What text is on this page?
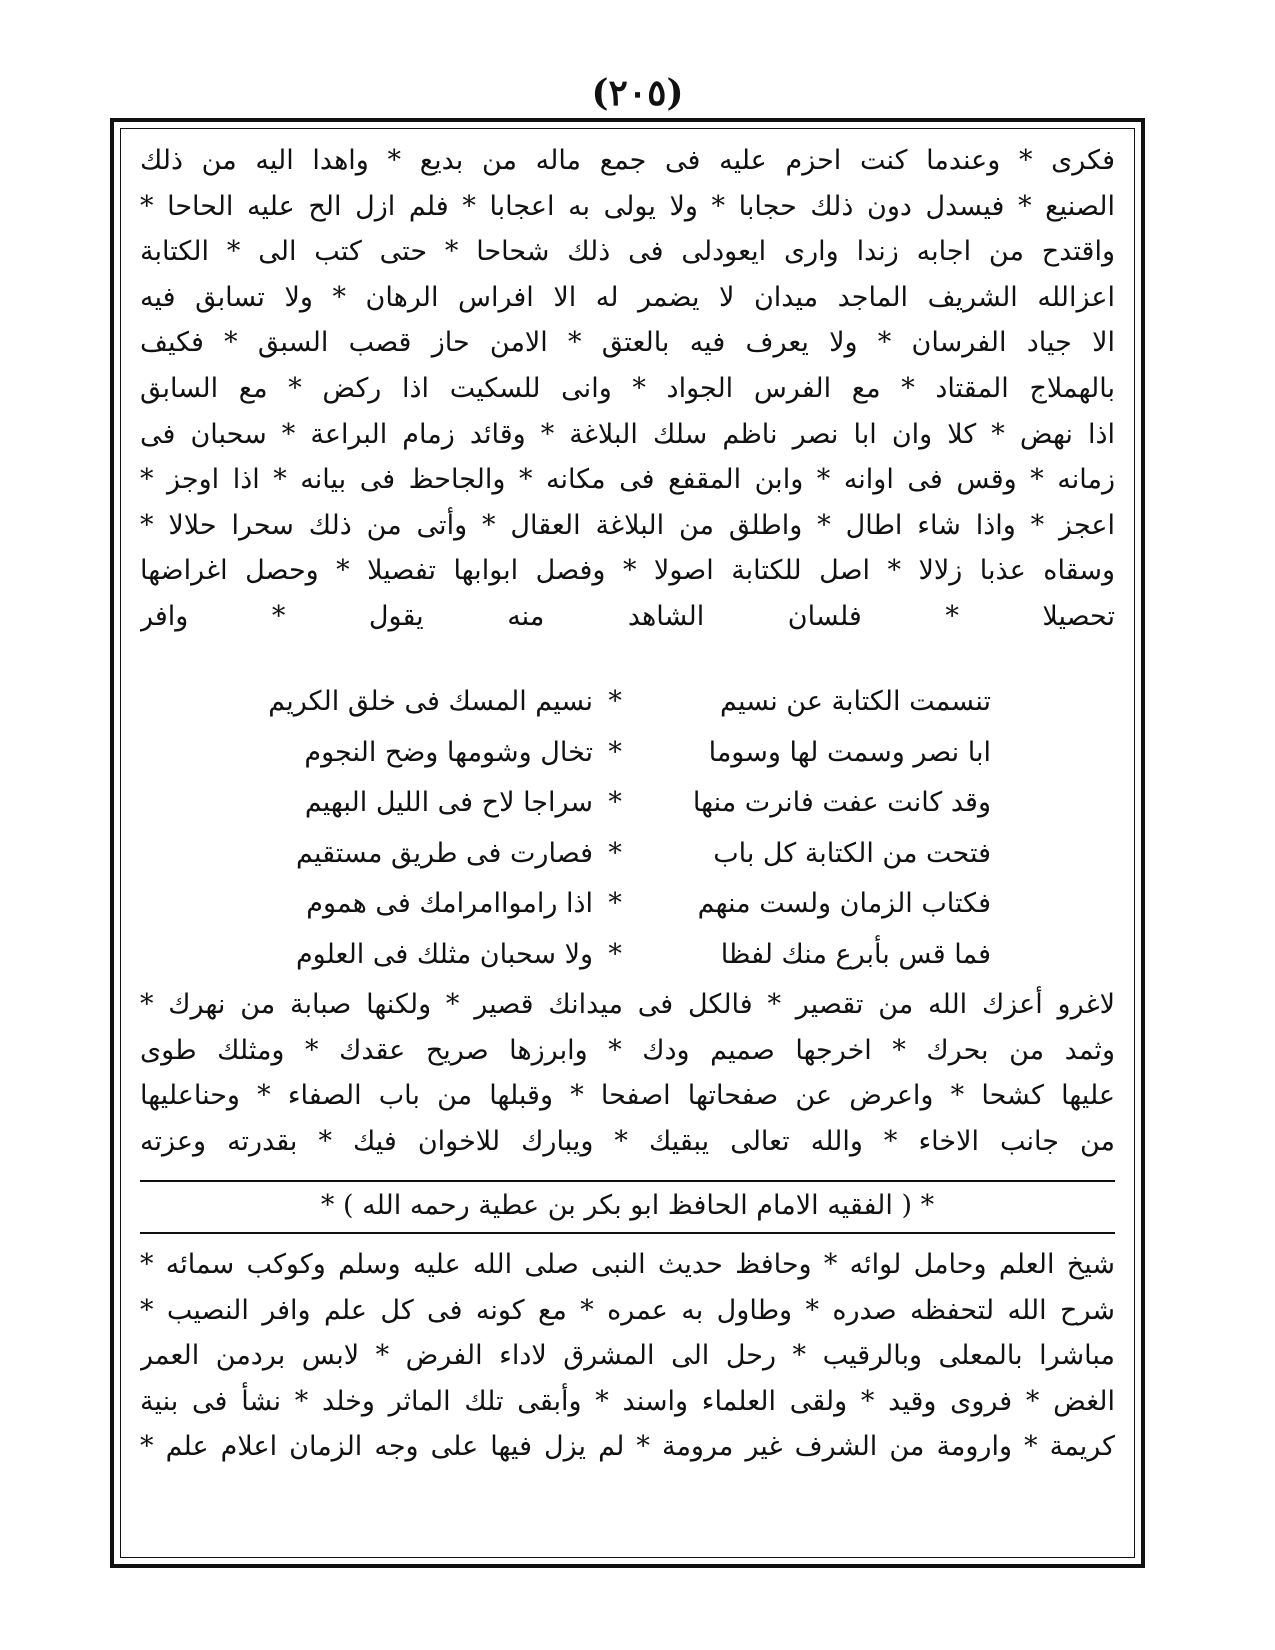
(٢٠٥)
فكرى * وعندما كنت احزم عليه فى جمع ماله من بديع * واهدا اليه من ذلك
الصنيع * فيسدل دون ذلك حجابا * ولا يولى به اعجابا * فلم ازل الح عليه الحاحا *
واقتدح من اجابه زندا وارى ايعودلى فى ذلك شحاحا * حتى كتب الى * الكتابة
اعزالله الشريف الماجد ميدان لا يضمر له الا افراس الرهان * ولا تسابق فيه
الا جياد الفرسان * ولا يعرف فيه بالعتق * الامن حاز قصب السبق * فكيف
بالهملاج المقتاد * مع الفرس الجواد * وانى للسكيت اذا ركض * مع السابق
اذا نهض * كلا وان ابا نصر ناظم سلك البلاغة * وقائد زمام البراعة * سحبان فى
زمانه * وقس فى اوانه * وابن المقفع فى مكانه * والجاحظ فى بيانه * اذا اوجز *
اعجز * واذا شاء اطال * واطلق من البلاغة العقال * وأتى من ذلك سحرا حلالا *
وسقاه عذبا زلالا * اصل للكتابة اصولا * وفصل ابوابها تفصيلا * وحصل اغراضها
تحصيلا * فلسان الشاهد منه يقول * وافر
تنسمت الكتابة عن نسيم
*
نسيم المسك فى خلق الكريم
ابا نصر وسمت لها وسوما
*
تخال وشومها وضح النجوم
وقد كانت عفت فانرت منها
*
سراجا لاح فى الليل البهيم
فتحت من الكتابة كل باب
*
فصارت فى طريق مستقيم
فكتاب الزمان ولست منهم
*
اذا رامواامرامك فى هموم
فما قس بأبرع منك لفظا
*
ولا سحبان مثلك فى العلوم
لاغرو أعزك الله من تقصير * فالكل فى ميدانك قصير * ولكنها صبابة من نهرك *
وثمد من بحرك * اخرجها صميم ودك * وابرزها صريح عقدك * ومثلك طوى
عليها كشحا * واعرض عن صفحاتها اصفحا * وقبلها من باب الصفاء * وحناعليها
من جانب الاخاء * والله تعالى يبقيك * ويبارك للاخوان فيك * بقدرته وعزته
* ( الفقيه الامام الحافظ ابو بكر بن عطية رحمه الله ) *
شيخ العلم وحامل لوائه * وحافظ حديث النبى صلى الله عليه وسلم وكوكب سمائه *
شرح الله لتحفظه صدره * وطاول به عمره * مع كونه فى كل علم وافر النصيب *
مباشرا بالمعلى وبالرقيب * رحل الى المشرق لاداء الفرض * لابس بردمن العمر
الغض * فروى وقيد * ولقى العلماء واسند * وأبقى تلك الماثر وخلد * نشأ فى بنية
كريمة * وارومة من الشرف غير مرومة * لم يزل فيها على وجه الزمان اعلام علم *
